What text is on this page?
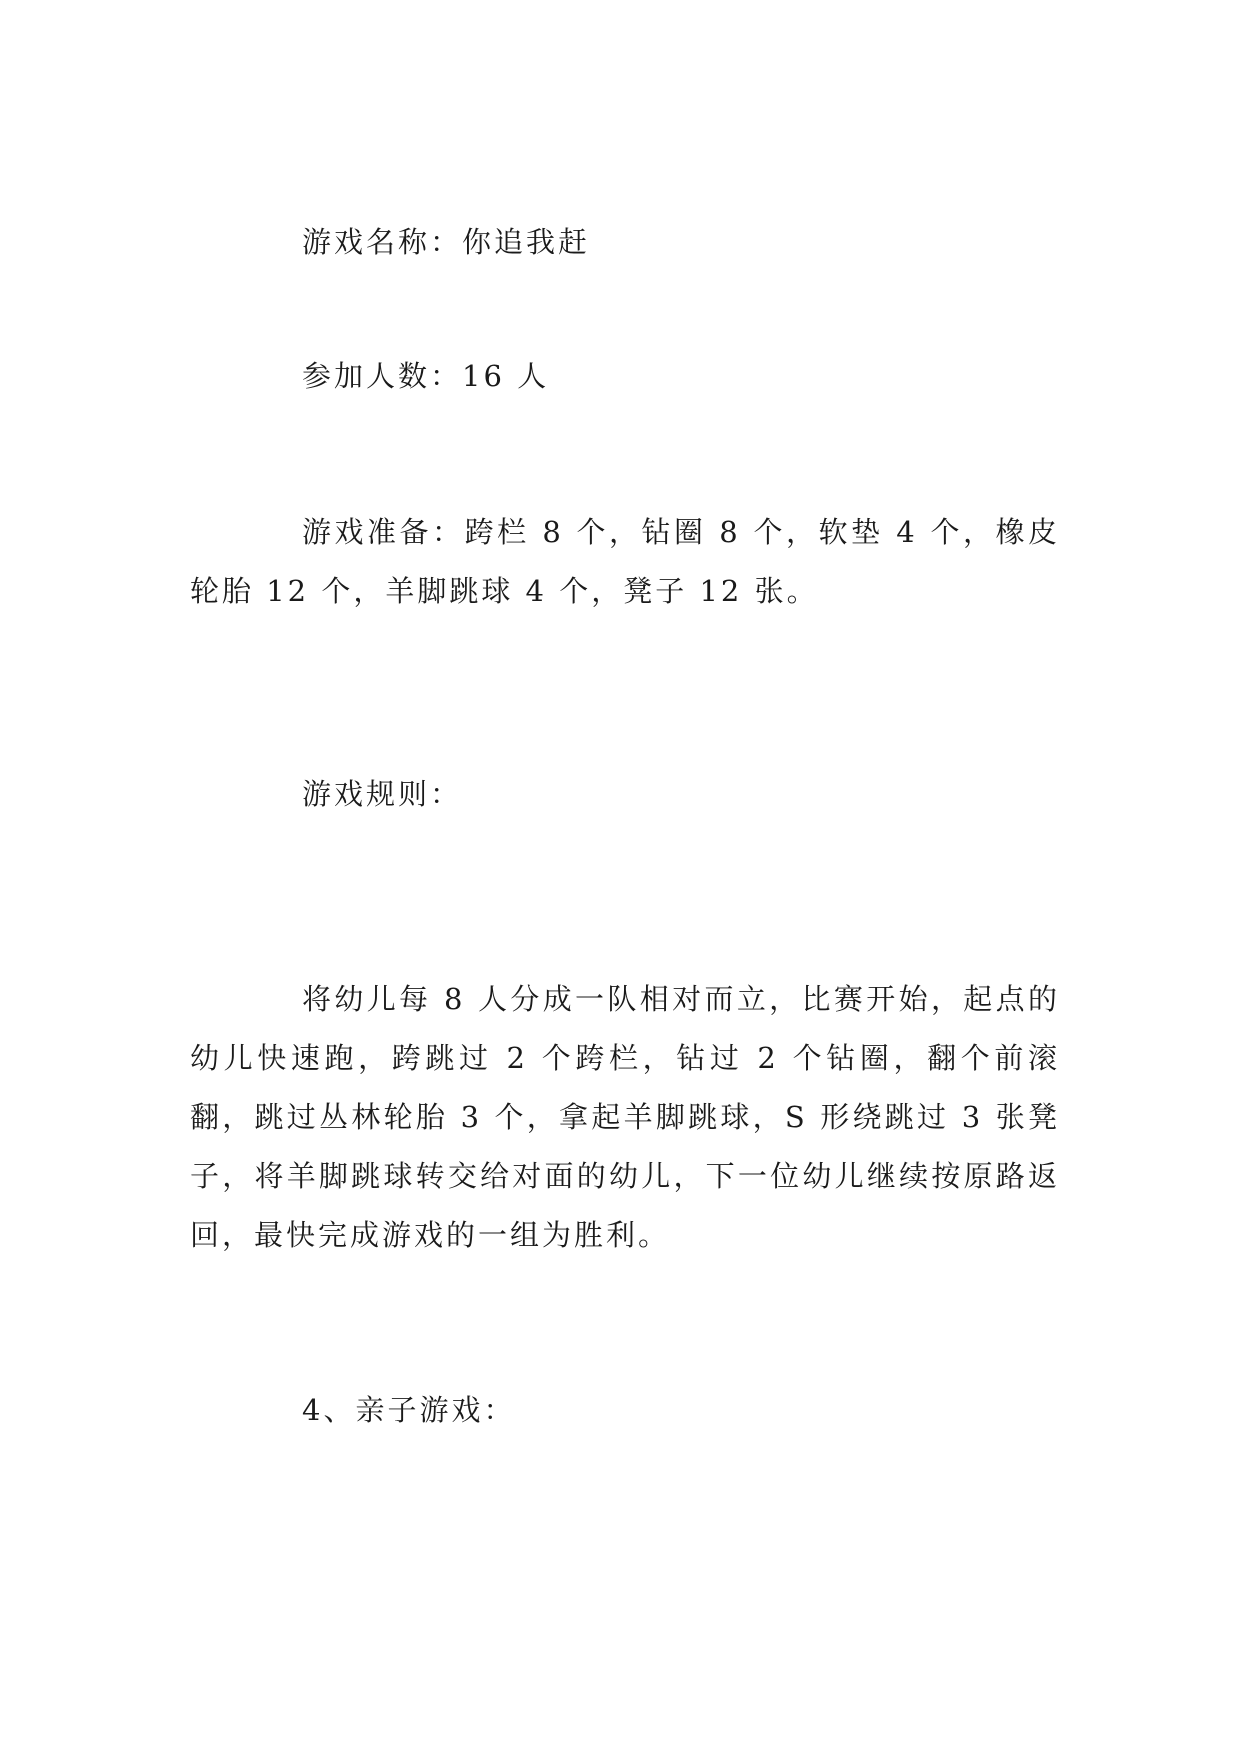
游戏名称：你追我赶

参加人数：16 人

游戏准备：跨栏 8 个，钻圈 8 个，软垫 4 个，橡皮轮胎 12 个，羊脚跳球 4 个，凳子 12 张。

游戏规则：

将幼儿每 8 人分成一队相对而立，比赛开始，起点的幼儿快速跑，跨跳过 2 个跨栏，钻过 2 个钻圈，翻个前滚翻，跳过丛林轮胎 3 个，拿起羊脚跳球，S 形绕跳过 3 张凳子，将羊脚跳球转交给对面的幼儿，下一位幼儿继续按原路返回，最快完成游戏的一组为胜利。

4、亲子游戏：
